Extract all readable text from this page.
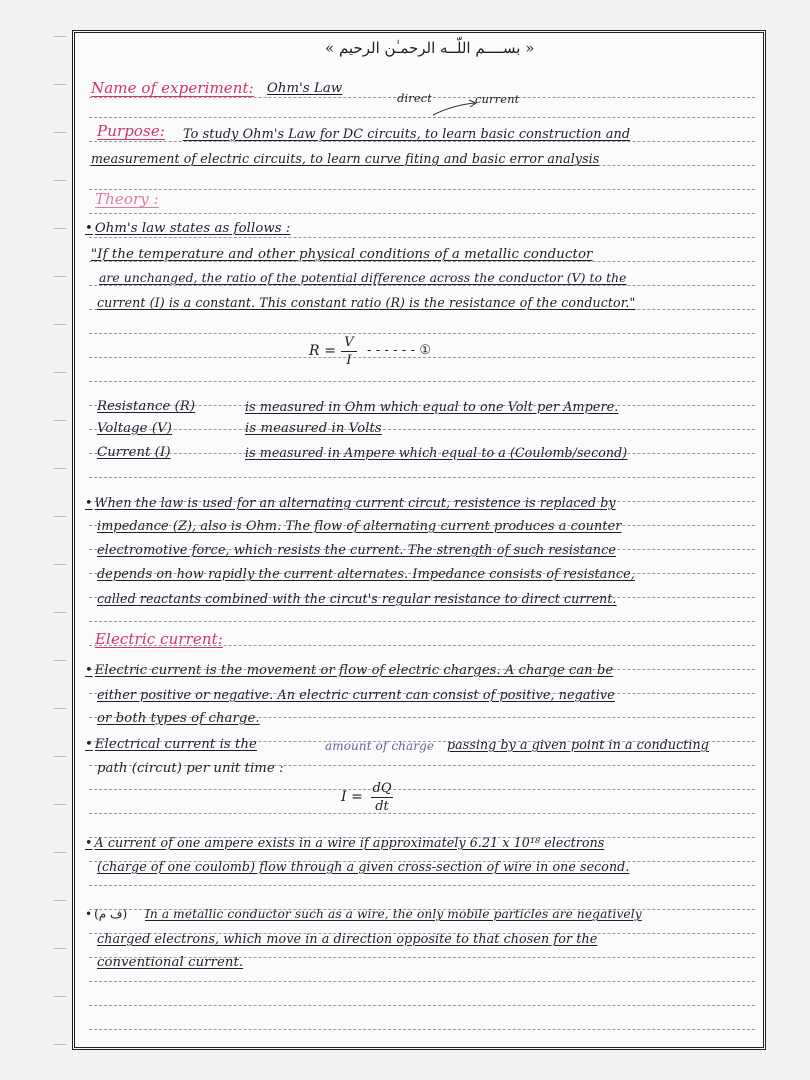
« بســــم اللّــه الرحمـٰن الرحيم »
Name of experiment: Ohm's Law
direct	current
Purpose: To study Ohm's Law for DC circuits, to learn basic construction and
measurement of electric circuits, to learn curve fiting and basic error analysis
Theory :
• Ohm's law states as follows :
"If the temperature and other physical conditions of a metallic conductor
are unchanged, the ratio of the potential difference across the conductor (V) to the
current (I) is a constant. This constant ratio (R) is the resistance of the conductor."
R =
V
I
- - - - - - ①
Resistance (R)	is measured in Ohm which equal to one Volt per Ampere.
Voltage (V)	is measured in Volts
Current (I)	is measured in Ampere which equal to a (Coulomb/second)
• When the law is used for an alternating current circut, resistence is replaced by
impedance (Z), also is Ohm. The flow of alternating current produces a counter
electromotive force, which resists the current. The strength of such resistance
depends on how rapidly the current alternates. Impedance consists of resistance,
called reactants combined with the circut's regular resistance to direct current.
Electric current:
• Electric current is the movement or flow of electric charges. A charge can be
either positive or negative. An electric current can consist of positive, negative
or both types of charge.
• Electrical current is the	amount of charge passing by a given point in a conducting
path (circut) per unit time :
I =
dQ
dt
• A current of one ampere exists in a wire if approximately 6.21 x 10¹⁸ electrons
(charge of one coulomb) flow through a given cross-section of wire in one second.
• (ف م) In a metallic conductor such as a wire, the only mobile particles are negatively
charged electrons, which move in a direction opposite to that chosen for the
conventional current.
